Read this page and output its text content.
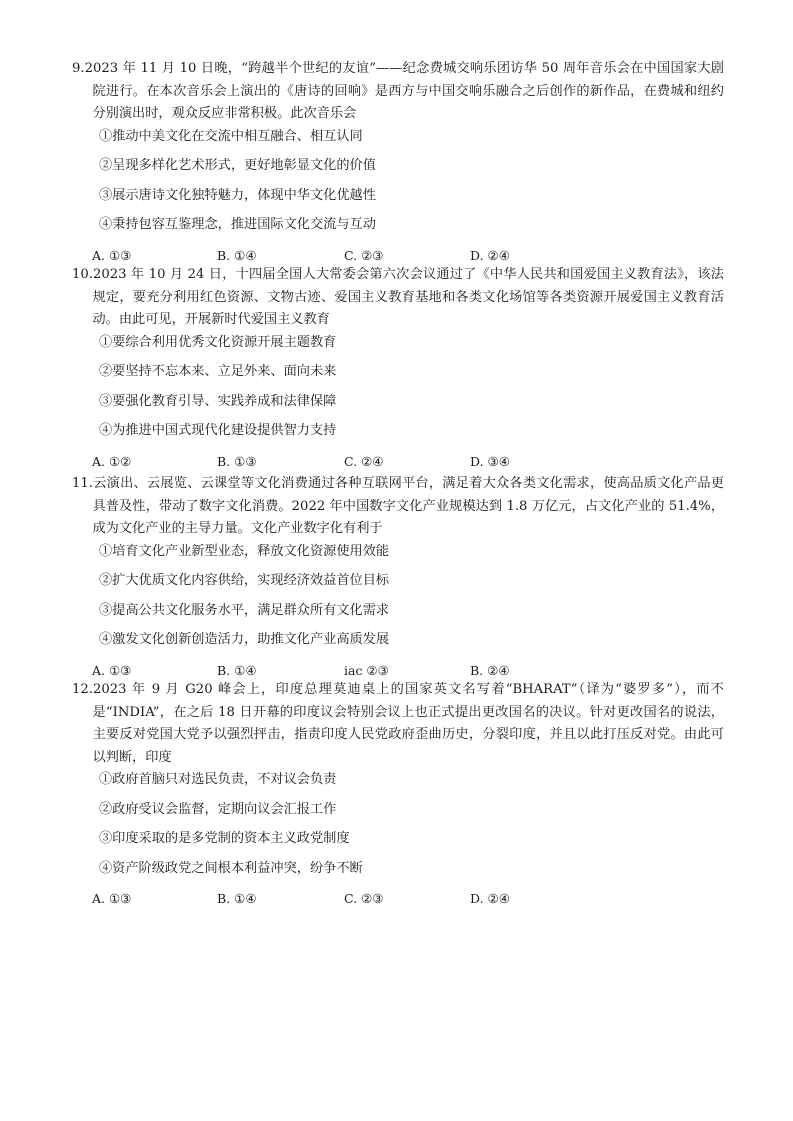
9.2023 年 11 月 10 日晚，“跨越半个世纪的友谊”——纪念费城交响乐团访华 50 周年音乐会在中国国家大剧院进行。在本次音乐会上演出的《唐诗的回响》是西方与中国交响乐融合之后创作的新作品，在费城和纽约分别演出时，观众反应非常积极。此次音乐会

①推动中美文化在交流中相互融合、相互认同
②呈现多样化艺术形式，更好地彰显文化的价值
③展示唐诗文化独特魅力，体现中华文化优越性
④秉持包容互鉴理念，推进国际文化交流与互动
A. ①③	B. ①④	C. ②③	D. ②④

10.2023 年 10 月 24 日，十四届全国人大常委会第六次会议通过了《中华人民共和国爱国主义教育法》，该法规定，要充分利用红色资源、文物古迹、爱国主义教育基地和各类文化场馆等各类资源开展爱国主义教育活动。由此可见，开展新时代爱国主义教育

①要综合利用优秀文化资源开展主题教育
②要坚持不忘本来、立足外来、面向未来
③要强化教育引导、实践养成和法律保障
④为推进中国式现代化建设提供智力支持
A. ①②	B. ①③	C. ②④	D. ③④

11.云演出、云展览、云课堂等文化消费通过各种互联网平台，满足着大众各类文化需求，使高品质文化产品更具普及性，带动了数字文化消费。2022 年中国数字文化产业规模达到 1.8 万亿元，占文化产业的 51.4%，成为文化产业的主导力量。文化产业数字化有利于

①培育文化产业新型业态，释放文化资源使用效能
②扩大优质文化内容供给，实现经济效益首位目标
③提高公共文化服务水平，满足群众所有文化需求
④激发文化创新创造活力，助推文化产业高质发展
A. ①③	B. ①④	iac ②③	B. ②④

12.2023 年 9 月 G20 峰会上，印度总理莫迪桌上的国家英文名写着“BHARAT”（译为“婆罗多”），而不是“INDIA”，在之后 18 日开幕的印度议会特别会议上也正式提出更改国名的决议。针对更改国名的说法，主要反对党国大党予以强烈抨击，指责印度人民党政府歪曲历史，分裂印度，并且以此打压反对党。由此可以判断，印度

①政府首脑只对选民负责，不对议会负责
②政府受议会监督，定期向议会汇报工作
③印度采取的是多党制的资本主义政党制度
④资产阶级政党之间根本利益冲突，纷争不断
A. ①③	B. ①④	C. ②③	D. ②④
